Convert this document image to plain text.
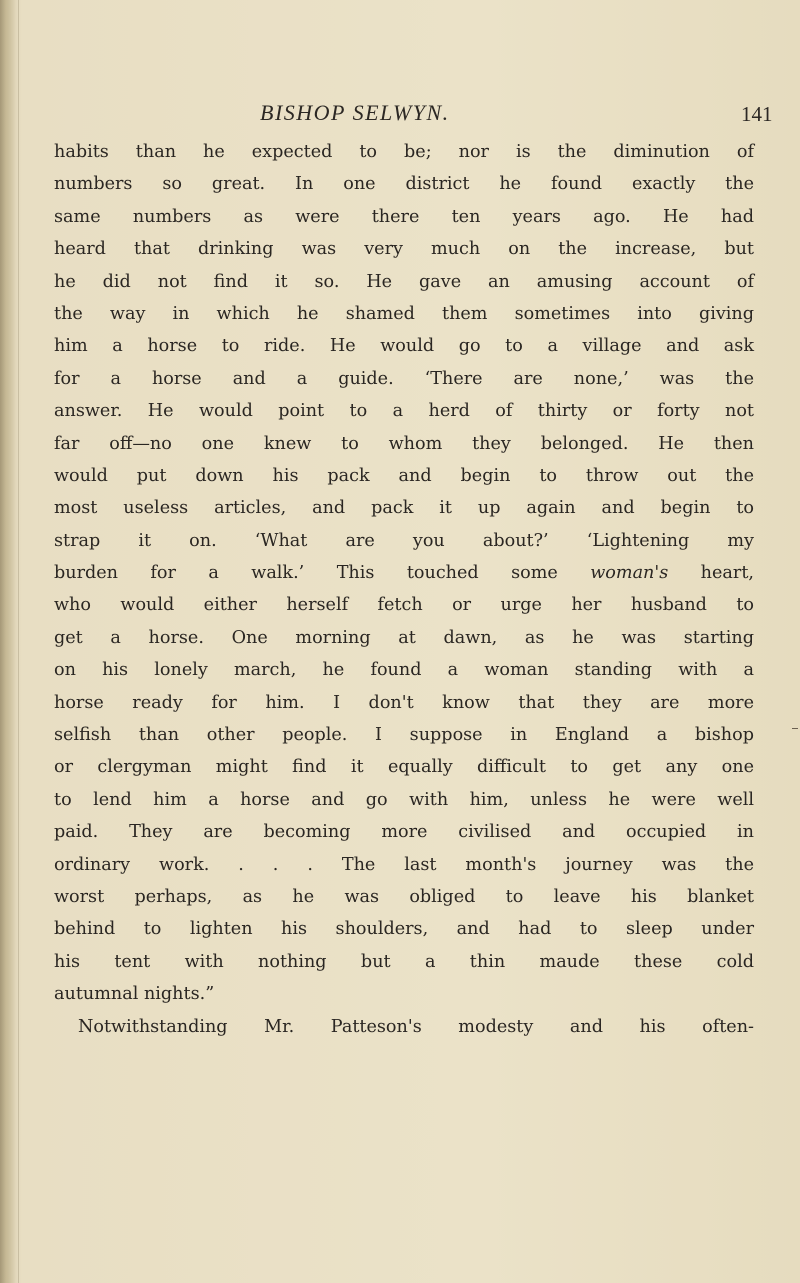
BISHOP SELWYN.	141
habits than he expected to be; nor is the diminution of
numbers so great. In one district he found exactly the
same numbers as were there ten years ago. He had
heard that drinking was very much on the increase, but
he did not find it so. He gave an amusing account of
the way in which he shamed them sometimes into giving
him a horse to ride. He would go to a village and ask
for a horse and a guide. ‘There are none,’ was the
answer. He would point to a herd of thirty or forty not
far off—no one knew to whom they belonged. He then
would put down his pack and begin to throw out the
most useless articles, and pack it up again and begin to
strap it on. ‘What are you about?’ ‘Lightening my
burden for a walk.’ This touched some woman's heart,
who would either herself fetch or urge her husband to
get a horse. One morning at dawn, as he was starting
on his lonely march, he found a woman standing with a
horse ready for him. I don't know that they are more
selfish than other people. I suppose in England a bishop
or clergyman might find it equally difficult to get any one
to lend him a horse and go with him, unless he were well
paid. They are becoming more civilised and occupied in
ordinary work. . . . The last month's journey was the
worst perhaps, as he was obliged to leave his blanket
behind to lighten his shoulders, and had to sleep under
his tent with nothing but a thin maude these cold
autumnal nights.”
Notwithstanding Mr. Patteson's modesty and his often-
